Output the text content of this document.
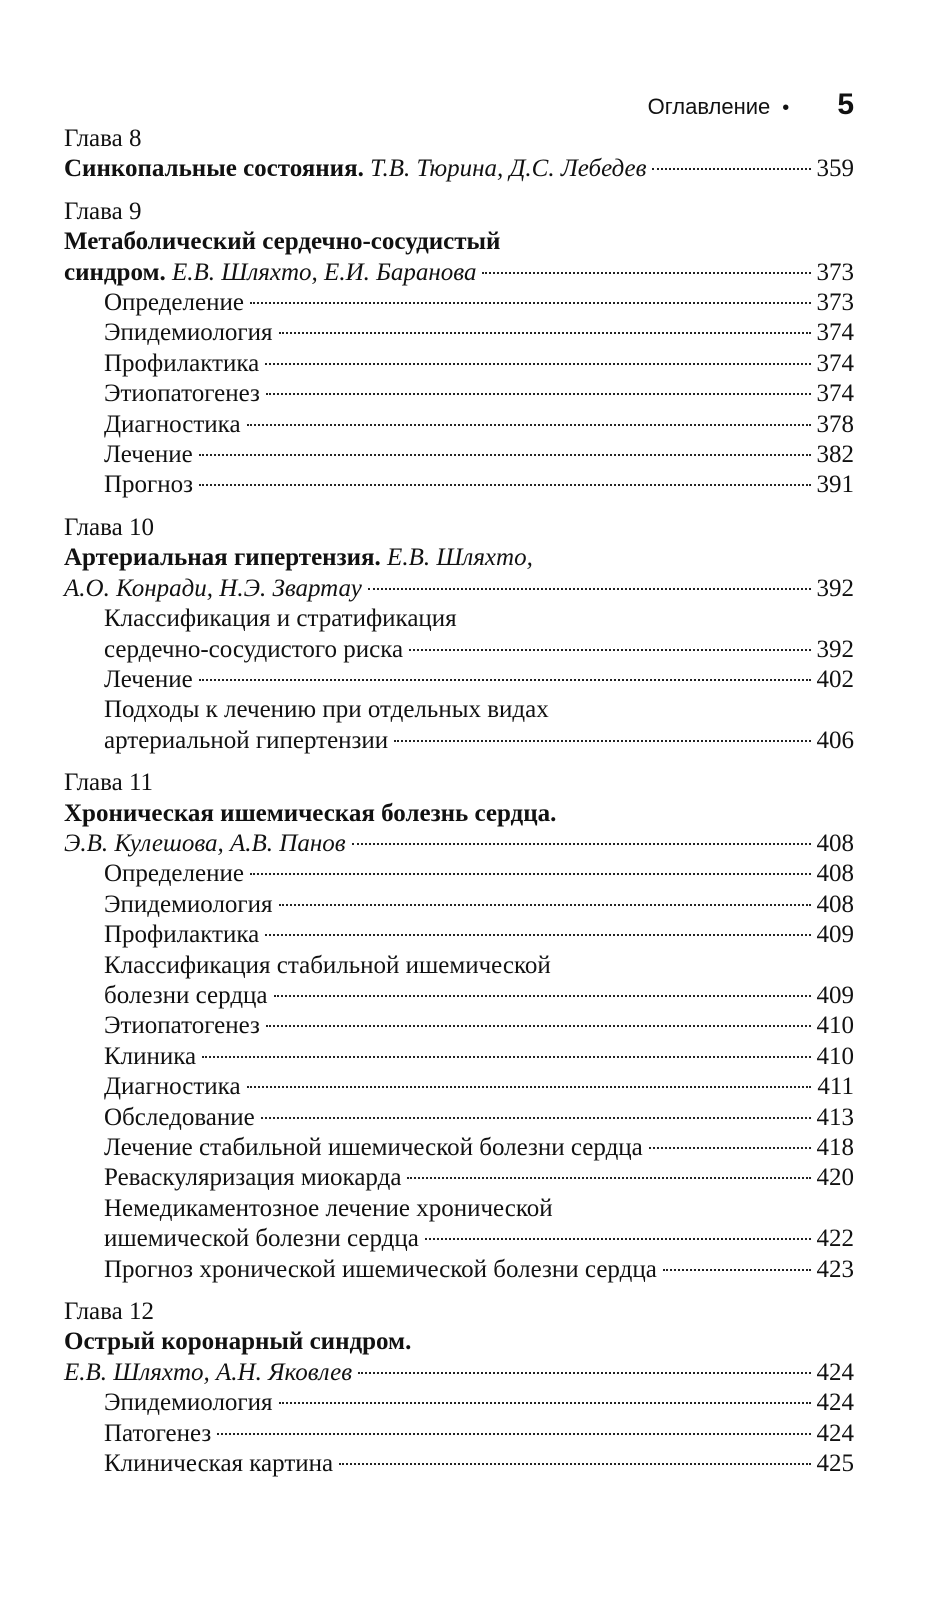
Оглавление • 5
Глава 8
Синкопальные состояния. Т.В. Тюрина, Д.С. Лебедев	359
Глава 9
Метаболический сердечно-сосудистый
синдром. Е.В. Шляхто, Е.И. Баранова	373
Определение	373
Эпидемиология	374
Профилактика	374
Этиопатогенез	374
Диагностика	378
Лечение	382
Прогноз	391
Глава 10
Артериальная гипертензия. Е.В. Шляхто,
А.О. Конради, Н.Э. Звартау	392
Классификация и стратификация
сердечно-сосудистого риска	392
Лечение	402
Подходы к лечению при отдельных видах
артериальной гипертензии	406
Глава 11
Хроническая ишемическая болезнь сердца.
Э.В. Кулешова, А.В. Панов	408
Определение	408
Эпидемиология	408
Профилактика	409
Классификация стабильной ишемической
болезни сердца	409
Этиопатогенез	410
Клиника	410
Диагностика	411
Обследование	413
Лечение стабильной ишемической болезни сердца	418
Реваскуляризация миокарда	420
Немедикаментозное лечение хронической
ишемической болезни сердца	422
Прогноз хронической ишемической болезни сердца	423
Глава 12
Острый коронарный синдром.
Е.В. Шляхто, А.Н. Яковлев	424
Эпидемиология	424
Патогенез	424
Клиническая картина	425
